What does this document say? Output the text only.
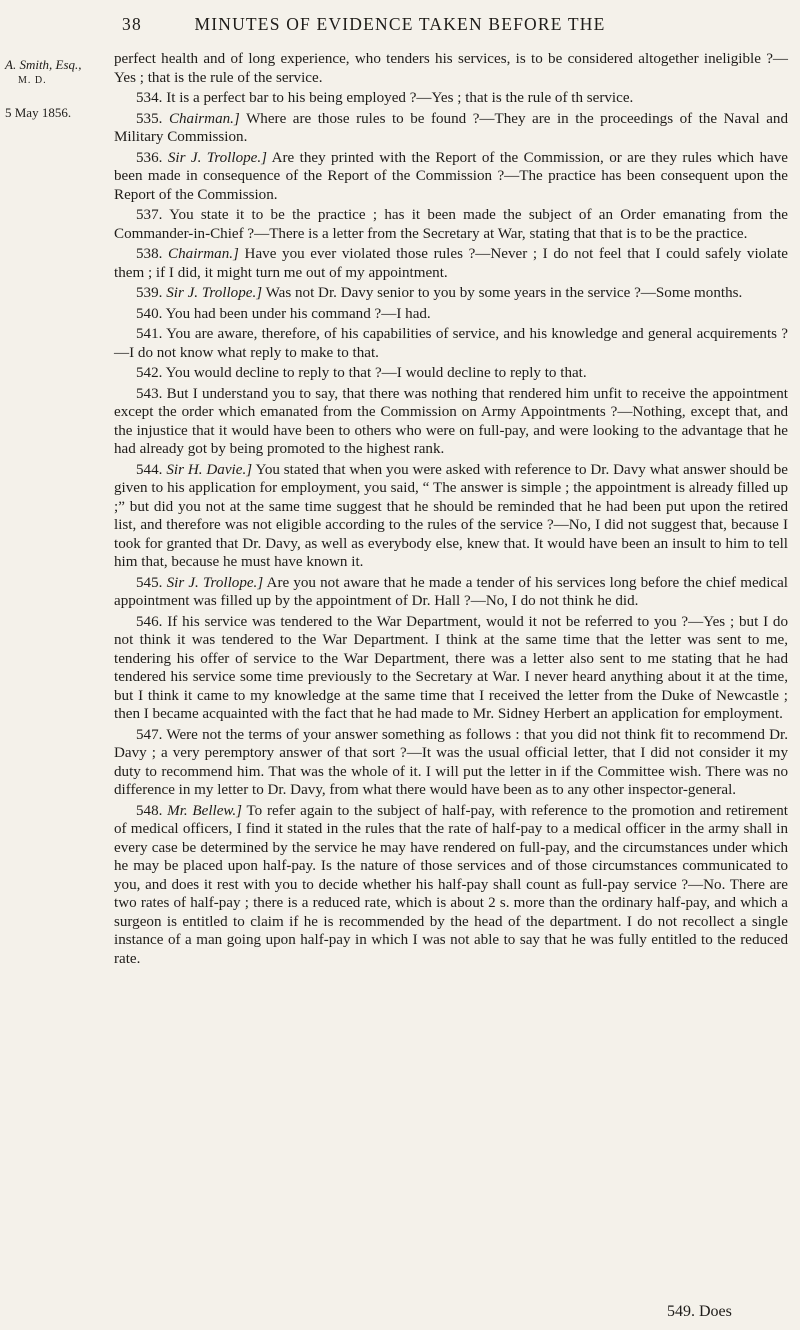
38	MINUTES OF EVIDENCE TAKEN BEFORE THE
A. Smith, Esq.,
M. D.
5 May 1856.

perfect health and of long experience, who tenders his services, is to be considered altogether ineligible ?— Yes ; that is the rule of the service.

534. It is a perfect bar to his being employed ?—Yes ; that is the rule of th service.

535. Chairman.] Where are those rules to be found ?—They are in the proceedings of the Naval and Military Commission.

536. Sir J. Trollope.] Are they printed with the Report of the Commission, or are they rules which have been made in consequence of the Report of the Commission ?—The practice has been consequent upon the Report of the Commission.

537. You state it to be the practice ; has it been made the subject of an Order emanating from the Commander-in-Chief ?—There is a letter from the Secretary at War, stating that that is to be the practice.

538. Chairman.] Have you ever violated those rules ?—Never ; I do not feel that I could safely violate them ; if I did, it might turn me out of my appointment.

539. Sir J. Trollope.] Was not Dr. Davy senior to you by some years in the service ?—Some months.

540. You had been under his command ?—I had.

541. You are aware, therefore, of his capabilities of service, and his knowledge and general acquirements ?—I do not know what reply to make to that.

542. You would decline to reply to that ?—I would decline to reply to that.

543. But I understand you to say, that there was nothing that rendered him unfit to receive the appointment except the order which emanated from the Commission on Army Appointments ?—Nothing, except that, and the injustice that it would have been to others who were on full-pay, and were looking to the advantage that he had already got by being promoted to the highest rank.

544. Sir H. Davie.] You stated that when you were asked with reference to Dr. Davy what answer should be given to his application for employment, you said, “ The answer is simple ; the appointment is already filled up ;” but did you not at the same time suggest that he should be reminded that he had been put upon the retired list, and therefore was not eligible according to the rules of the service ?—No, I did not suggest that, because I took for granted that Dr. Davy, as well as everybody else, knew that. It would have been an insult to him to tell him that, because he must have known it.

545. Sir J. Trollope.] Are you not aware that he made a tender of his services long before the chief medical appointment was filled up by the appointment of Dr. Hall ?—No, I do not think he did.

546. If his service was tendered to the War Department, would it not be referred to you ?—Yes ; but I do not think it was tendered to the War Department. I think at the same time that the letter was sent to me, tendering his offer of service to the War Department, there was a letter also sent to me stating that he had tendered his service some time previously to the Secretary at War. I never heard anything about it at the time, but I think it came to my knowledge at the same time that I received the letter from the Duke of Newcastle ; then I became acquainted with the fact that he had made to Mr. Sidney Herbert an application for employment.

547. Were not the terms of your answer something as follows : that you did not think fit to recommend Dr. Davy ; a very peremptory answer of that sort ?—It was the usual official letter, that I did not consider it my duty to recommend him. That was the whole of it. I will put the letter in if the Committee wish. There was no difference in my letter to Dr. Davy, from what there would have been as to any other inspector-general.

548. Mr. Bellew.] To refer again to the subject of half-pay, with reference to the promotion and retirement of medical officers, I find it stated in the rules that the rate of half-pay to a medical officer in the army shall in every case be determined by the service he may have rendered on full-pay, and the circumstances under which he may be placed upon half-pay. Is the nature of those services and of those circumstances communicated to you, and does it rest with you to decide whether his half-pay shall count as full-pay service ?—No. There are two rates of half-pay ; there is a reduced rate, which is about 2 s. more than the ordinary half-pay, and which a surgeon is entitled to claim if he is recommended by the head of the department. I do not recollect a single instance of a man going upon half-pay in which I was not able to say that he was fully entitled to the reduced rate.

549. Does
